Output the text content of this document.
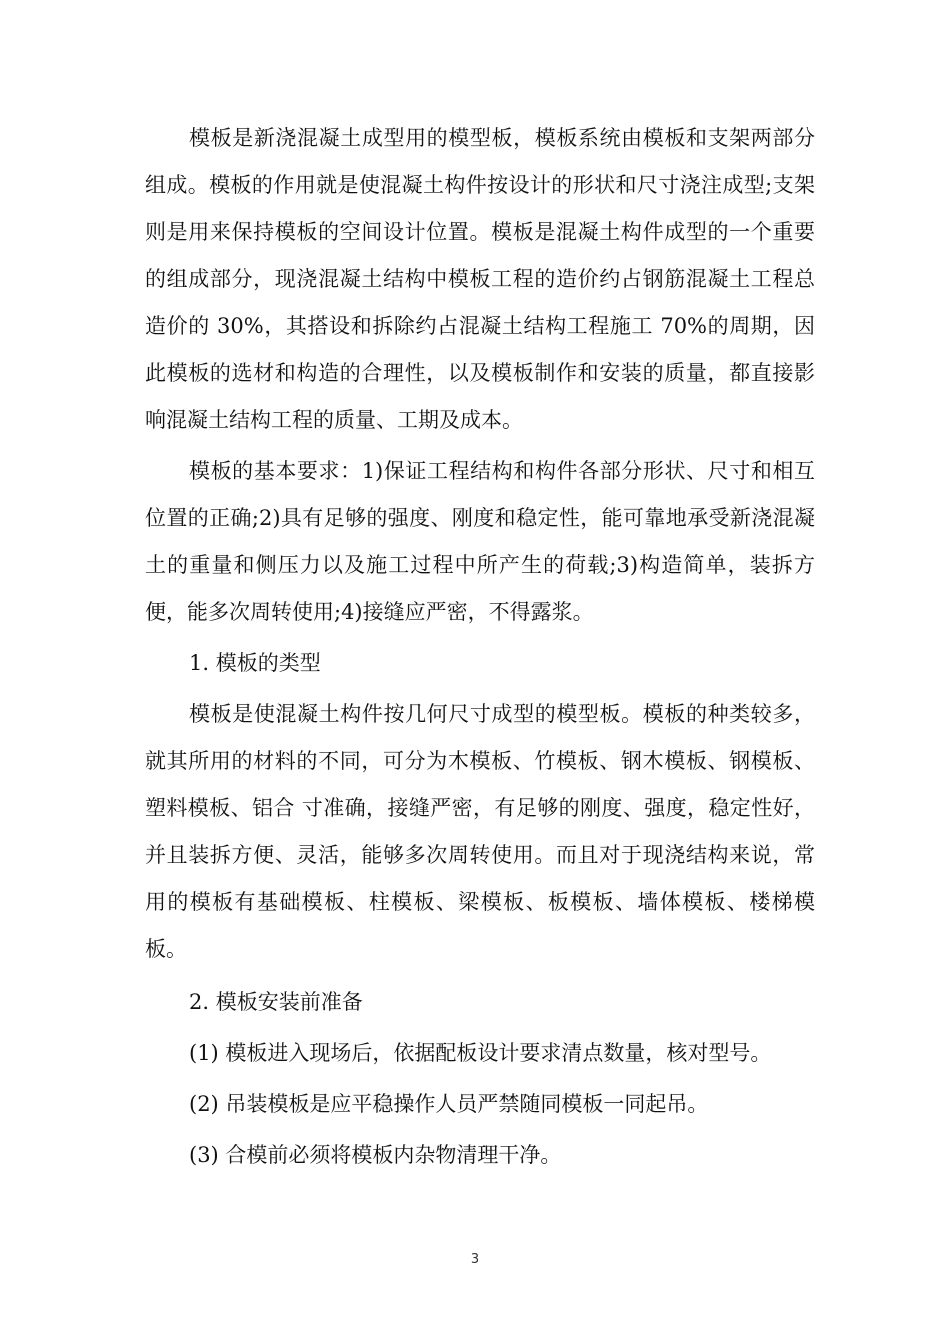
模板是新浇混凝土成型用的模型板，模板系统由模板和支架两部分组成。模板的作用就是使混凝土构件按设计的形状和尺寸浇注成型;支架则是用来保持模板的空间设计位置。模板是混凝土构件成型的一个重要的组成部分，现浇混凝土结构中模板工程的造价约占钢筋混凝土工程总造价的 30%，其搭设和拆除约占混凝土结构工程施工 70%的周期，因此模板的选材和构造的合理性，以及模板制作和安装的质量，都直接影响混凝土结构工程的质量、工期及成本。

模板的基本要求：1)保证工程结构和构件各部分形状、尺寸和相互位置的正确;2)具有足够的强度、刚度和稳定性，能可靠地承受新浇混凝土的重量和侧压力以及施工过程中所产生的荷载;3)构造简单，装拆方便，能多次周转使用;4)接缝应严密，不得露浆。

1. 模板的类型

模板是使混凝土构件按几何尺寸成型的模型板。模板的种类较多，就其所用的材料的不同，可分为木模板、竹模板、钢木模板、钢模板、塑料模板、铝合 寸准确，接缝严密，有足够的刚度、强度，稳定性好，并且装拆方便、灵活，能够多次周转使用。而且对于现浇结构来说，常用的模板有基础模板、柱模板、梁模板、板模板、墙体模板、楼梯模板。

2. 模板安装前准备

(1) 模板进入现场后，依据配板设计要求清点数量，核对型号。

(2) 吊装模板是应平稳操作人员严禁随同模板一同起吊。

(3) 合模前必须将模板内杂物清理干净。

3
